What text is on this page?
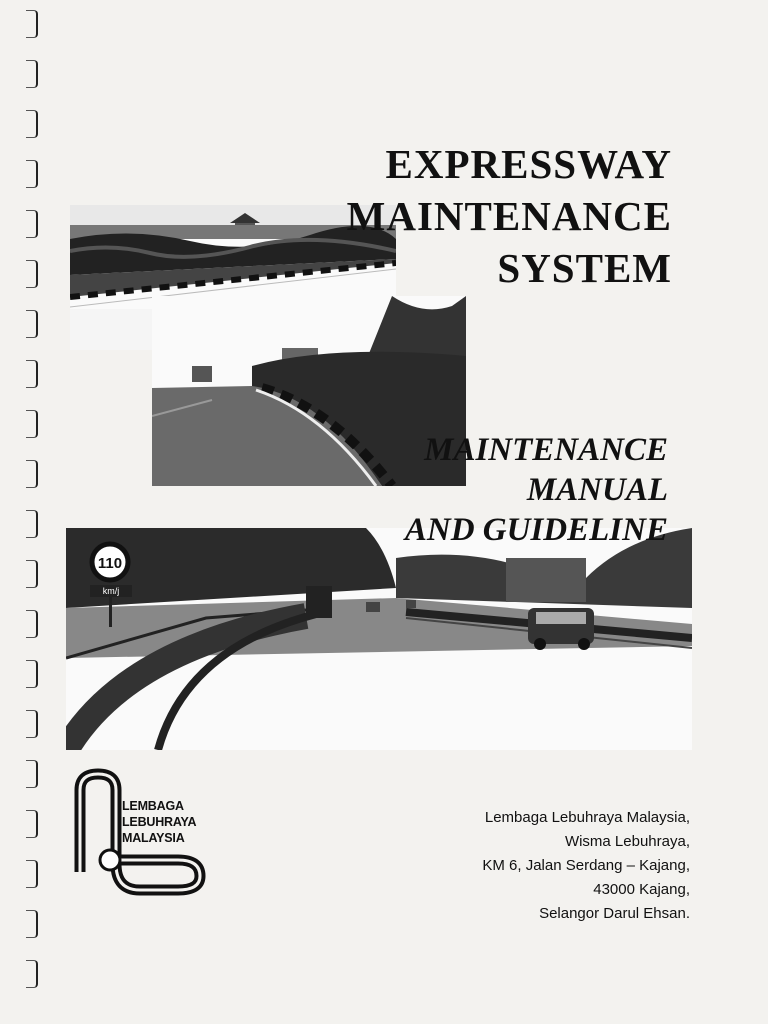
110
km/j
EXPRESSWAY
MAINTENANCE
SYSTEM
MAINTENANCE
MANUAL
AND GUIDELINE
LEMBAGA
LEBUHRAYA
MALAYSIA
Lembaga Lebuhraya Malaysia,
Wisma Lebuhraya,
KM 6, Jalan Serdang – Kajang,
43000 Kajang,
Selangor Darul Ehsan.
